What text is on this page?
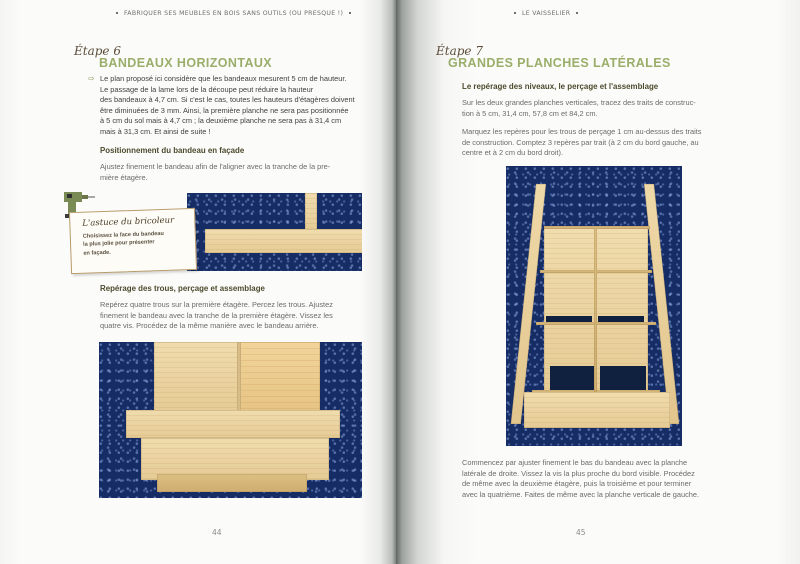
FABRIQUER SES MEUBLES EN BOIS SANS OUTILS (OU PRESQUE !)
Étape 6
BANDEAUX HORIZONTAUX
⇨ Le plan proposé ici considère que les bandeaux mesurent 5 cm de hauteur.
Le passage de la lame lors de la découpe peut réduire la hauteur
des bandeaux à 4,7 cm. Si c'est le cas, toutes les hauteurs d'étagères doivent
être diminuées de 3 mm. Ainsi, la première planche ne sera pas positionnée
à 5 cm du sol mais à 4,7 cm ; la deuxième planche ne sera pas à 31,4 cm
mais à 31,3 cm. Et ainsi de suite !
Positionnement du bandeau en façade
Ajustez finement le bandeau afin de l'aligner avec la tranche de la pre-
mière étagère.
L'astuce du bricoleur
Choisissez la face du bandeau
la plus jolie pour présenter
en façade.
Repérage des trous, perçage et assemblage
Repérez quatre trous sur la première étagère. Percez les trous. Ajustez
finement le bandeau avec la tranche de la première étagère. Vissez les
quatre vis. Procédez de la même manière avec le bandeau arrière.
44
LE VAISSELIER
Étape 7
GRANDES PLANCHES LATÉRALES
Le repérage des niveaux, le perçage et l'assemblage
Sur les deux grandes planches verticales, tracez des traits de construc-
tion à 5 cm, 31,4 cm, 57,8 cm et 84,2 cm.
Marquez les repères pour les trous de perçage 1 cm au-dessus des traits
de construction. Comptez 3 repères par trait (à 2 cm du bord gauche, au
centre et à 2 cm du bord droit).
Commencez par ajuster finement le bas du bandeau avec la planche
latérale de droite. Vissez la vis la plus proche du bord visible. Procédez
de même avec la deuxième étagère, puis la troisième et pour terminer
avec la quatrième. Faites de même avec la planche verticale de gauche.
45
